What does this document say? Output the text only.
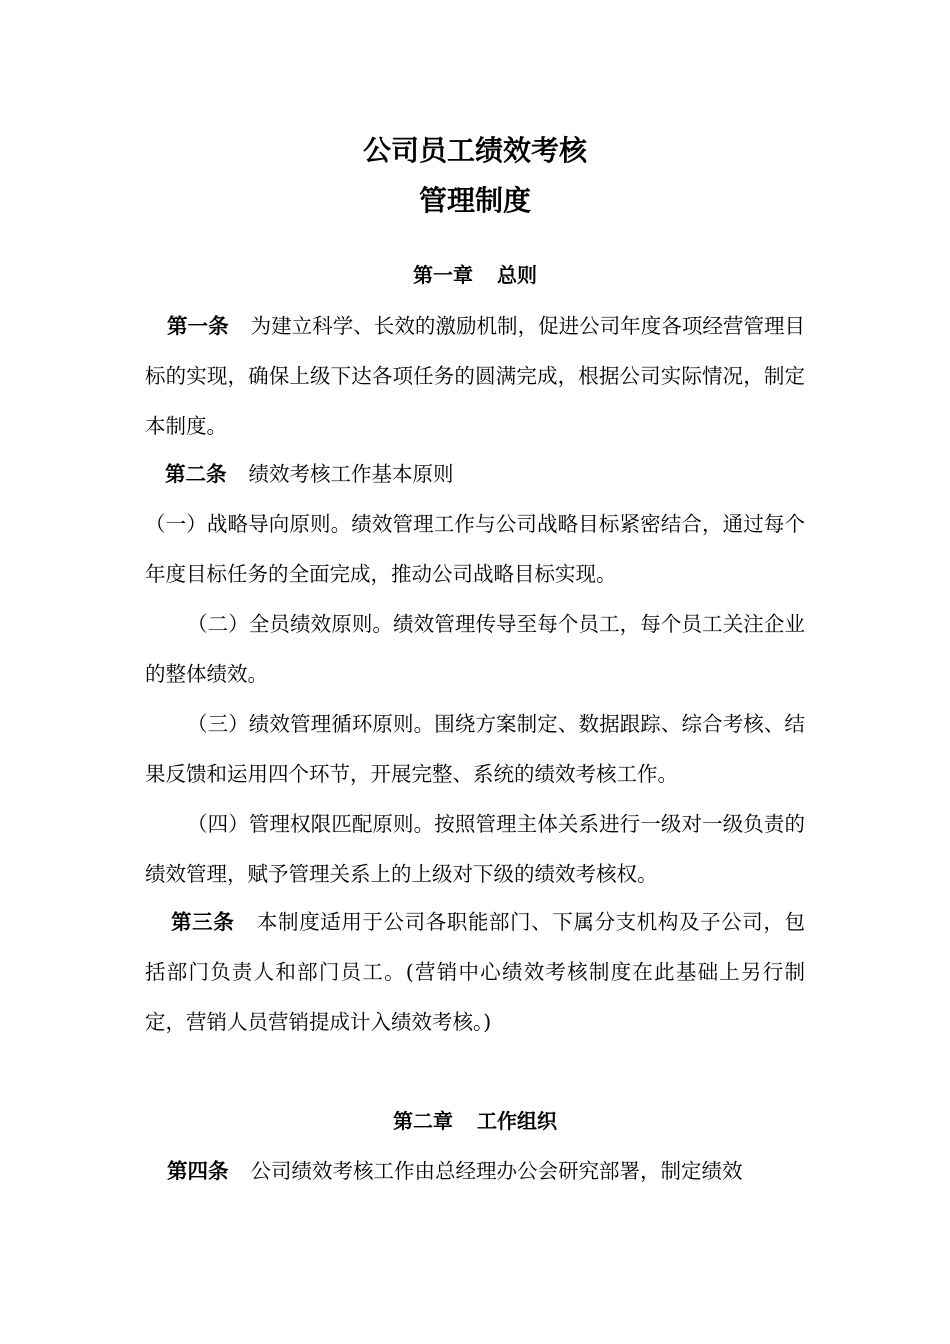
公司员工绩效考核
管理制度
第一章 总则

第一条 为建立科学、长效的激励机制，促进公司年度各项经营管理目标的实现，确保上级下达各项任务的圆满完成，根据公司实际情况，制定本制度。

第二条 绩效考核工作基本原则

（一）战略导向原则。绩效管理工作与公司战略目标紧密结合，通过每个年度目标任务的全面完成，推动公司战略目标实现。

（二）全员绩效原则。绩效管理传导至每个员工，每个员工关注企业的整体绩效。

（三）绩效管理循环原则。围绕方案制定、数据跟踪、综合考核、结果反馈和运用四个环节，开展完整、系统的绩效考核工作。

（四）管理权限匹配原则。按照管理主体关系进行一级对一级负责的绩效管理，赋予管理关系上的上级对下级的绩效考核权。

第三条 本制度适用于公司各职能部门、下属分支机构及子公司，包括部门负责人和部门员工。(营销中心绩效考核制度在此基础上另行制定，营销人员营销提成计入绩效考核。)

第二章 工作组织

第四条 公司绩效考核工作由总经理办公会研究部署，制定绩效
